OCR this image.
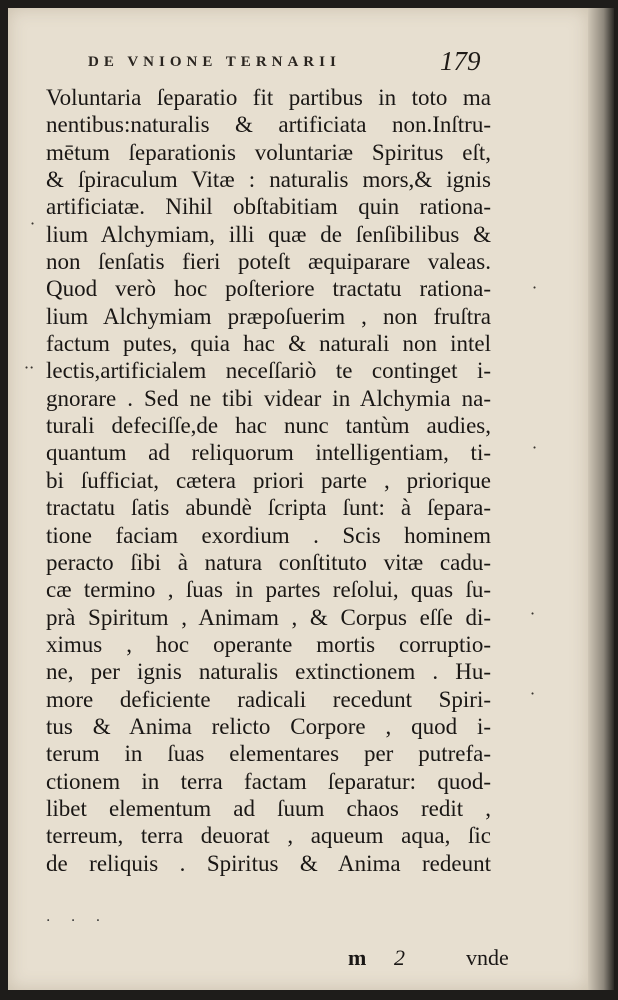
DE VNIONE TERNARII	179
Voluntaria ſeparatio fit partibus in toto ma
nentibus:naturalis & artificiata non.Inſtru-
mētum ſeparationis voluntariæ Spiritus eſt,
& ſpiraculum Vitæ : naturalis mors,& ignis
artificiatæ. Nihil obſtabitiam quin rationa-
lium Alchymiam, illi quæ de ſenſibilibus &
non ſenſatis fieri poteſt æquiparare valeas.
Quod verò hoc poſteriore tractatu rationa-
lium Alchymiam præpoſuerim , non fruſtra
factum putes, quia hac & naturali non intel
lectis,artificialem neceſſariò te continget i-
gnorare . Sed ne tibi videar in Alchymia na-
turali defeciſſe,de hac nunc tantùm audies,
quantum ad reliquorum intelligentiam, ti-
bi ſufficiat, cætera priori parte , priorique
tractatu ſatis abundè ſcripta ſunt: à ſepara-
tione faciam exordium . Scis hominem
peracto ſibi à natura conſtituto vitæ cadu-
cæ termino , ſuas in partes reſolui, quas ſu-
prà Spiritum , Animam , & Corpus eſſe di-
ximus , hoc operante mortis corruptio-
ne, per ignis naturalis extinctionem . Hu-
more deficiente radicali recedunt Spiri-
tus & Anima relicto Corpore , quod i-
terum in ſuas elementares per putrefa-
ctionem in terra factam ſeparatur: quod-
libet elementum ad ſuum chaos redit ,
terreum, terra deuorat , aqueum aqua, ſic
de reliquis . Spiritus & Anima redeunt
m 2	vnde
· · ·
·
··
·
·
·
·
